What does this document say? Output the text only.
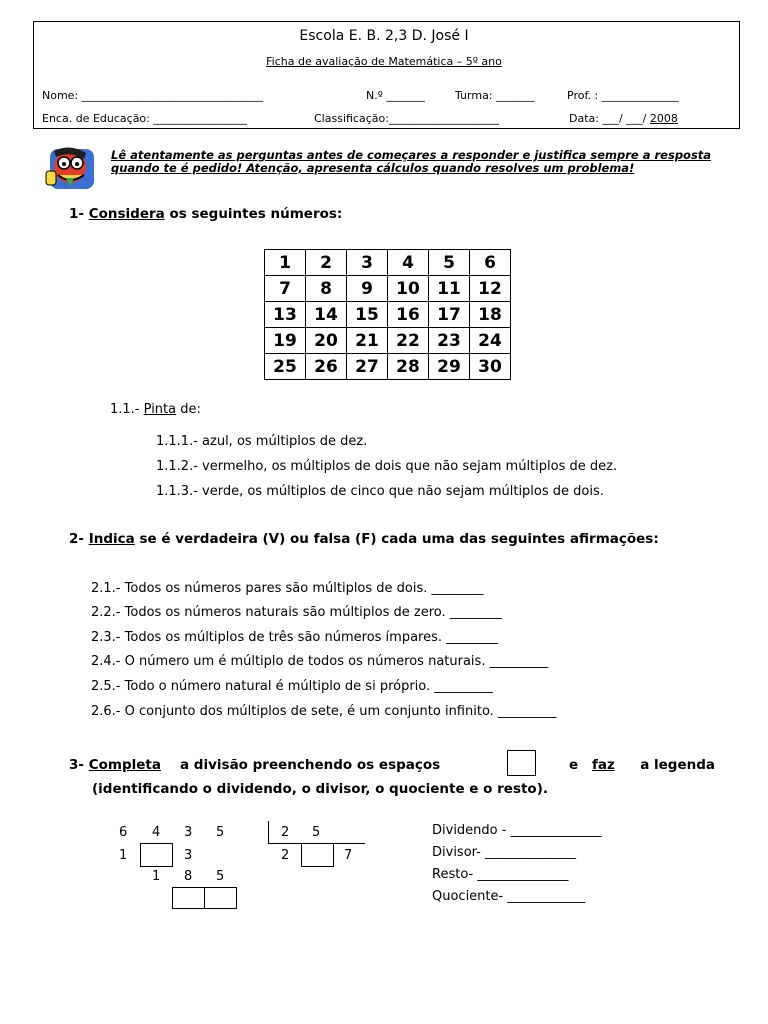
Escola E. B. 2,3 D. José I
Ficha de avaliação de Matemática – 5º ano
Nome: _________________________________	N.º _______	Turma: _______	Prof. : ______________
Enca. de Educação: _________________	Classificação:____________________	Data: ___/ ___/ 2008
Lê atentamente as perguntas antes de começares a responder e justifica sempre a resposta
quando te é pedido! Atenção, apresenta cálculos quando resolves um problema!
1- Considera os seguintes números:
1	2	3	4	5	6
7	8	9	10	11	12
13	14	15	16	17	18
19	20	21	22	23	24
25	26	27	28	29	30
1.1.- Pinta de:
1.1.1.- azul, os múltiplos de dez.
1.1.2.- vermelho, os múltiplos de dois que não sejam múltiplos de dez.
1.1.3.- verde, os múltiplos de cinco que não sejam múltiplos de dois.
2- Indica se é verdadeira (V) ou falsa (F) cada uma das seguintes afirmações:
2.1.- Todos os números pares são múltiplos de dois. ________
2.2.- Todos os números naturais são múltiplos de zero. ________
2.3.- Todos os múltiplos de três são números ímpares. ________
2.4.- O número um é múltiplo de todos os números naturais. _________
2.5.- Todo o número natural é múltiplo de si próprio. _________
2.6.- O conjunto dos múltiplos de sete, é um conjunto infinito. _________
3- Completa a divisão preenchendo os espaços	e faz	a legenda
(identificando o dividendo, o divisor, o quociente e o resto).
6 4 3 5
1	3
1 8 5
2 5
2	7
Dividendo - ______________
Divisor- ______________
Resto- ______________
Quociente- ____________
